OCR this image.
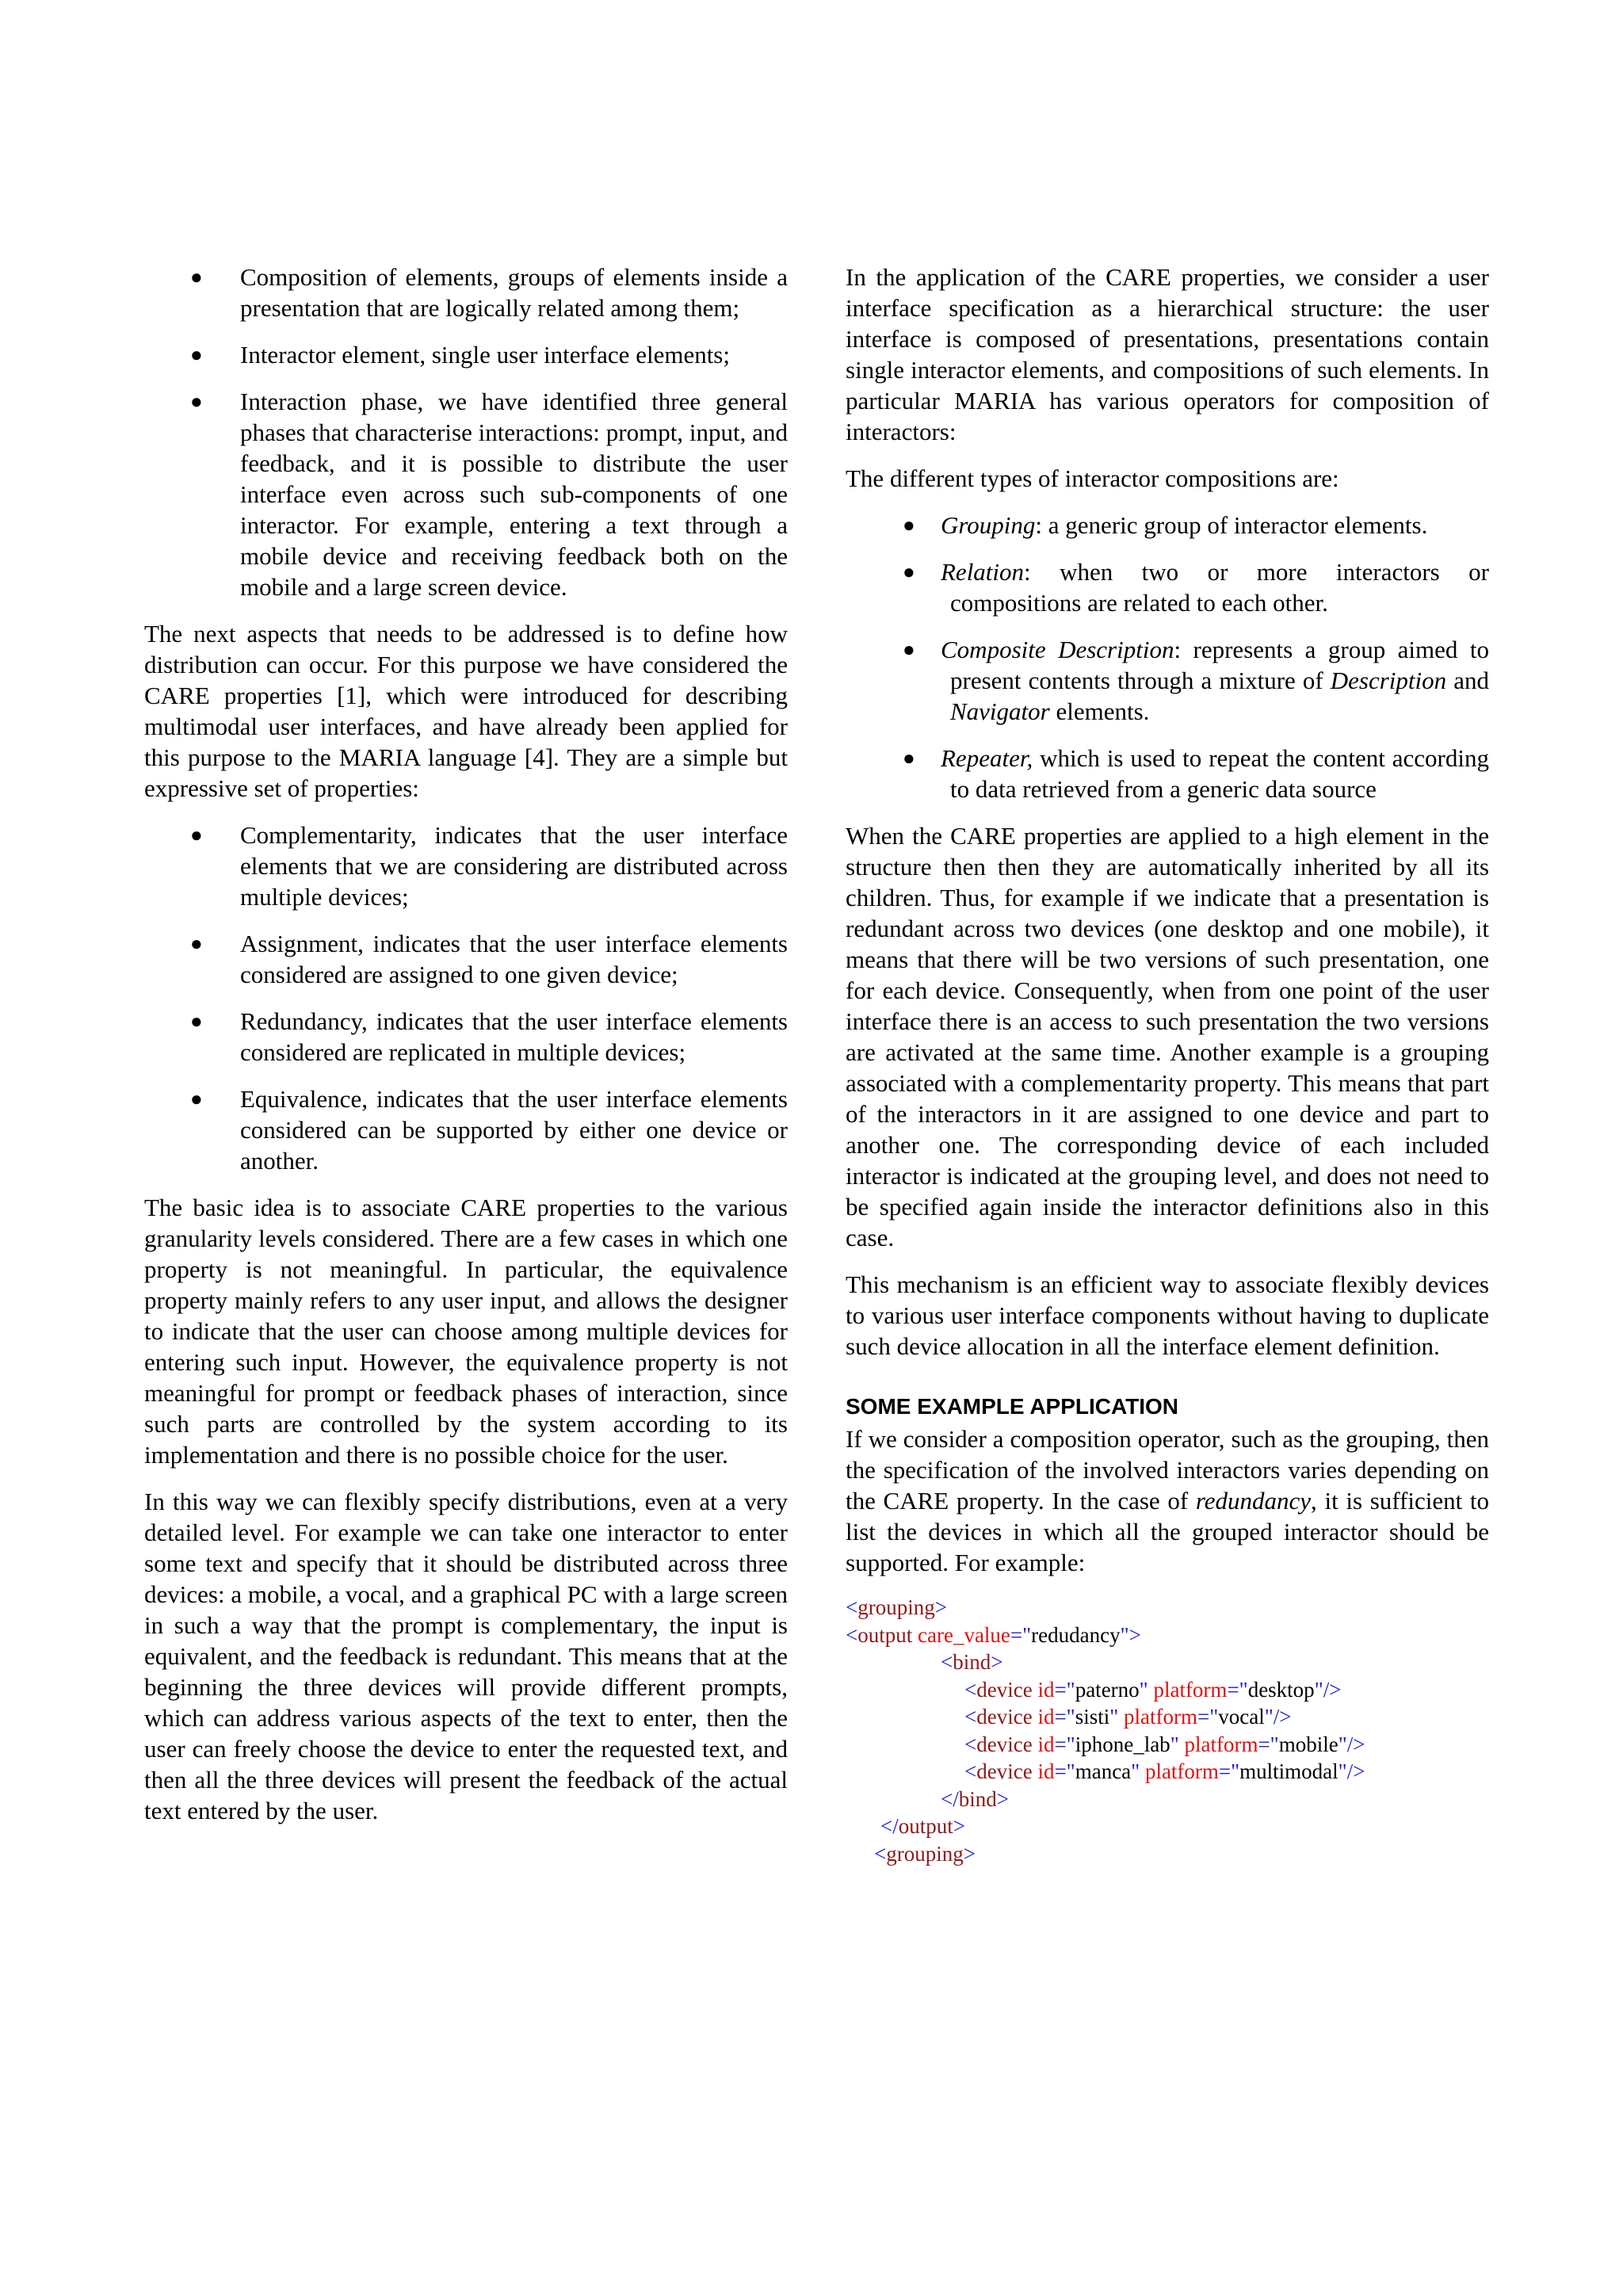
● Composition of elements, groups of elements inside a presentation that are logically related among them;
● Interactor element, single user interface elements;
● Interaction phase, we have identified three general phases that characterise interactions: prompt, input, and feedback, and it is possible to distribute the user interface even across such sub-components of one interactor. For example, entering a text through a mobile device and receiving feedback both on the mobile and a large screen device.

The next aspects that needs to be addressed is to define how distribution can occur. For this purpose we have considered the CARE properties [1], which were introduced for describing multimodal user interfaces, and have already been applied for this purpose to the MARIA language [4]. They are a simple but expressive set of properties:

● Complementarity, indicates that the user interface elements that we are considering are distributed across multiple devices;
● Assignment, indicates that the user interface elements considered are assigned to one given device;
● Redundancy, indicates that the user interface elements considered are replicated in multiple devices;
● Equivalence, indicates that the user interface elements considered can be supported by either one device or another.

The basic idea is to associate CARE properties to the various granularity levels considered. There are a few cases in which one property is not meaningful. In particular, the equivalence property mainly refers to any user input, and allows the designer to indicate that the user can choose among multiple devices for entering such input. However, the equivalence property is not meaningful for prompt or feedback phases of interaction, since such parts are controlled by the system according to its implementation and there is no possible choice for the user.

In this way we can flexibly specify distributions, even at a very detailed level. For example we can take one interactor to enter some text and specify that it should be distributed across three devices: a mobile, a vocal, and a graphical PC with a large screen in such a way that the prompt is complementary, the input is equivalent, and the feedback is redundant. This means that at the beginning the three devices will provide different prompts, which can address various aspects of the text to enter, then the user can freely choose the device to enter the requested text, and then all the three devices will present the feedback of the actual text entered by the user.

In the application of the CARE properties, we consider a user interface specification as a hierarchical structure: the user interface is composed of presentations, presentations contain single interactor elements, and compositions of such elements. In particular MARIA has various operators for composition of interactors:

The different types of interactor compositions are:

● Grouping: a generic group of interactor elements.
● Relation: when two or more interactors or compositions are related to each other.
● Composite Description: represents a group aimed to present contents through a mixture of Description and Navigator elements.
● Repeater, which is used to repeat the content according to data retrieved from a generic data source

When the CARE properties are applied to a high element in the structure then then they are automatically inherited by all its children. Thus, for example if we indicate that a presentation is redundant across two devices (one desktop and one mobile), it means that there will be two versions of such presentation, one for each device. Consequently, when from one point of the user interface there is an access to such presentation the two versions are activated at the same time. Another example is a grouping associated with a complementarity property. This means that part of the interactors in it are assigned to one device and part to another one. The corresponding device of each included interactor is indicated at the grouping level, and does not need to be specified again inside the interactor definitions also in this case.

This mechanism is an efficient way to associate flexibly devices to various user interface components without having to duplicate such device allocation in all the interface element definition.

SOME EXAMPLE APPLICATION

If we consider a composition operator, such as the grouping, then the specification of the involved interactors varies depending on the CARE property. In the case of redundancy, it is sufficient to list the devices in which all the grouped interactor should be supported. For example:

<grouping>
<output care_value="redudancy">
<bind>
<device id="paterno" platform="desktop"/>
<device id="sisti" platform="vocal"/>
<device id="iphone_lab" platform="mobile"/>
<device id="manca" platform="multimodal"/>
</bind>
</output>
<grouping>
